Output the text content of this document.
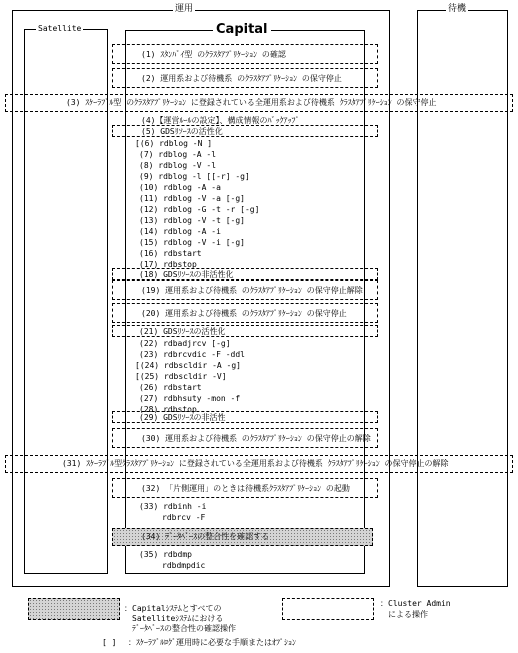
運用	待機
Satellite	Capital
(1) ｽﾀﾝﾊﾞｲ型 のｸﾗｽﾀｱﾌﾟﾘｹｰｼｮﾝ の確認
(2) 運用系および待機系 のｸﾗｽﾀｱﾌﾟﾘｹｰｼｮﾝ の保守停止
(3) ｽｹｰﾗﾌﾞﾙ型 のｸﾗｽﾀｱﾌﾟﾘｹｰｼｮﾝ に登録されている全運用系および待機系 ｸﾗｽﾀｱﾌﾟﾘｹｰｼｮﾝ の保守停止
(4)【運営ﾙｰﾙの設定】、構成情報のﾊﾞｯｸｱｯﾌﾟ
(5) GDSﾘｿｰｽの活性化
[(6) rdblog -N ]
(7) rdblog -A -l
(8) rdblog -V -l
(9) rdblog -l [[-r] -g]
(10) rdblog -A -a
(11) rdblog -V -a [-g]
(12) rdblog -G -t -r [-g]
(13) rdblog -V -t [-g]
(14) rdblog -A -i
(15) rdblog -V -i [-g]
(16) rdbstart
(17) rdbstop
(18) GDSﾘｿｰｽの非活性化
(19) 運用系および待機系 のｸﾗｽﾀｱﾌﾟﾘｹｰｼｮﾝ の保守停止解除
(20) 運用系および待機系 のｸﾗｽﾀｱﾌﾟﾘｹｰｼｮﾝ の保守停止
(21) GDSﾘｿｰｽの活性化
(22) rdbadjrcv [-g]
(23) rdbrcvdic -F -ddl
[(24) rdbscldir -A -g]
[(25) rdbscldir -V]
(26) rdbstart
(27) rdbhsuty -mon -f
(28) rdbstop
(29) GDSﾘｿｰｽの非活性
(30) 運用系および待機系 のｸﾗｽﾀｱﾌﾟﾘｹｰｼｮﾝ の保守停止の解除
(31) ｽｹｰﾗﾌﾞﾙ型ｸﾗｽﾀｱﾌﾟﾘｹｰｼｮﾝ に登録されている全運用系および待機系 ｸﾗｽﾀｱﾌﾟﾘｹｰｼｮﾝ の保守停止の解除
(32) 「片側運用」のときは待機系ｸﾗｽﾀｱﾌﾟﾘｹｰｼｮﾝ の起動
(33) rdbinh -i
rdbrcv -F
(34) ﾃﾞｰﾀﾍﾞｰｽの整合性を確認する
(35) rdbdmp
rdbdmpdic
：Capitalｼｽﾃﾑとすべての
Satelliteｼｽﾃﾑにおける
ﾃﾞｰﾀﾍﾞｰｽの整合性の確認操作
：Cluster Admin
による操作
[ ] ：ｽｹｰﾗﾌﾞﾙﾛｸﾞ運用時に必要な手順またはｵﾌﾟｼｮﾝ
